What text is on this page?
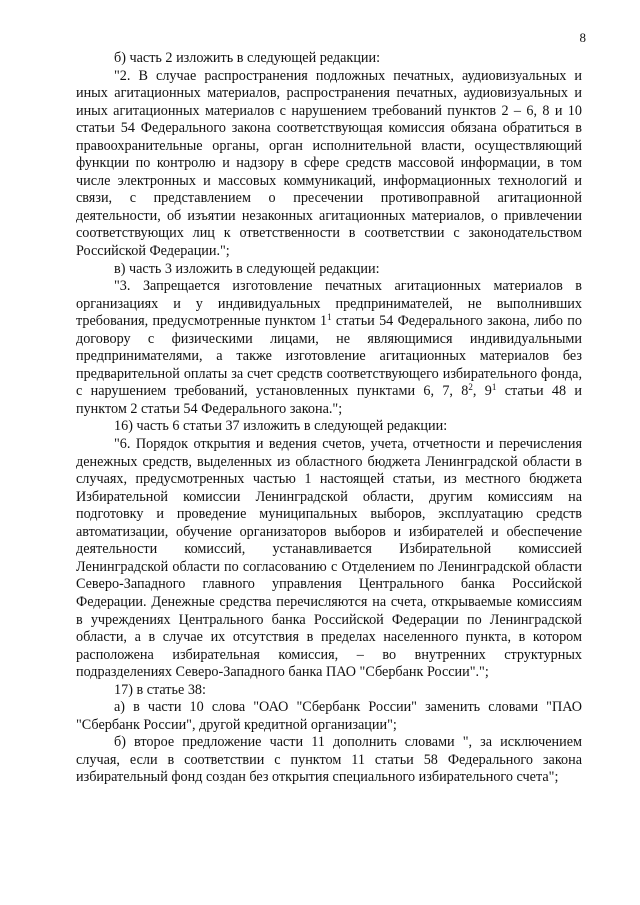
8

б) часть 2 изложить в следующей редакции:

"2. В случае распространения подложных печатных, аудиовизуальных и иных агитационных материалов, распространения печатных, аудиовизуальных и иных агитационных материалов с нарушением требований пунктов 2 – 6, 8 и 10 статьи 54 Федерального закона соответствующая комиссия обязана обратиться в правоохранительные органы, орган исполнительной власти, осуществляющий функции по контролю и надзору в сфере средств массовой информации, в том числе электронных и массовых коммуникаций, информационных технологий и связи, с представлением о пресечении противоправной агитационной деятельности, об изъятии незаконных агитационных материалов, о привлечении соответствующих лиц к ответственности в соответствии с законодательством Российской Федерации.";

в) часть 3 изложить в следующей редакции:

"3. Запрещается изготовление печатных агитационных материалов в организациях и у индивидуальных предпринимателей, не выполнивших требования, предусмотренные пунктом $1^1$ статьи 54 Федерального закона, либо по договору с физическими лицами, не являющимися индивидуальными предпринимателями, а также изготовление агитационных материалов без предварительной оплаты за счет средств соответствующего избирательного фонда, с нарушением требований, установленных пунктами 6, 7, $8^2$, $9^1$ статьи 48 и пунктом 2 статьи 54 Федерального закона.";

16) часть 6 статьи 37 изложить в следующей редакции:

"6. Порядок открытия и ведения счетов, учета, отчетности и перечисления денежных средств, выделенных из областного бюджета Ленинградской области в случаях, предусмотренных частью 1 настоящей статьи, из местного бюджета Избирательной комиссии Ленинградской области, другим комиссиям на подготовку и проведение муниципальных выборов, эксплуатацию средств автоматизации, обучение организаторов выборов и избирателей и обеспечение деятельности комиссий, устанавливается Избирательной комиссией Ленинградской области по согласованию с Отделением по Ленинградской области Северо-Западного главного управления Центрального банка Российской Федерации. Денежные средства перечисляются на счета, открываемые комиссиям в учреждениях Центрального банка Российской Федерации по Ленинградской области, а в случае их отсутствия в пределах населенного пункта, в котором расположена избирательная комиссия, – во внутренних структурных подразделениях Северо-Западного банка ПАО "Сбербанк России".";

17) в статье 38:

а) в части 10 слова "ОАО "Сбербанк России" заменить словами "ПАО "Сбербанк России", другой кредитной организации";

б) второе предложение части 11 дополнить словами ", за исключением случая, если в соответствии с пунктом 11 статьи 58 Федерального закона избирательный фонд создан без открытия специального избирательного счета";
